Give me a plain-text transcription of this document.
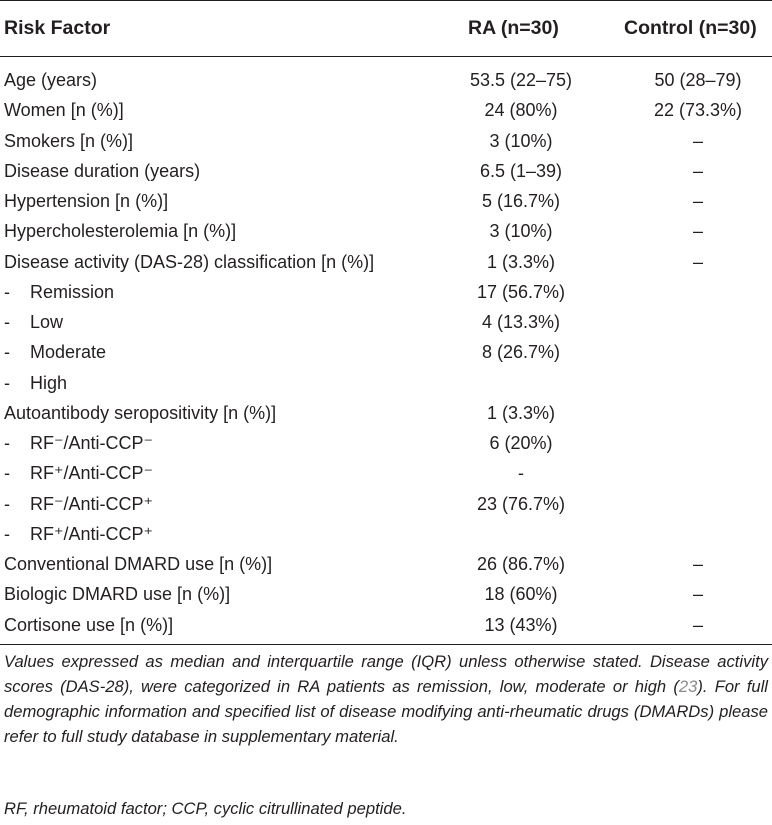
Risk Factor	RA (n=30)	Control (n=30)
Age (years)	53.5 (22–75)	50 (28–79)
Women [n (%)]	24 (80%)	22 (73.3%)
Smokers [n (%)]	3 (10%)	–
Disease duration (years)	6.5 (1–39)	–
Hypertension [n (%)]	5 (16.7%)	–
Hypercholesterolemia [n (%)]	3 (10%)	–
Disease activity (DAS-28) classification [n (%)]	1 (3.3%)	–
- Remission	17 (56.7%)
- Low	4 (13.3%)
- Moderate	8 (26.7%)
- High
Autoantibody seropositivity [n (%)]	1 (3.3%)
- RF⁻/Anti-CCP⁻	6 (20%)
- RF⁺/Anti-CCP⁻	-
- RF⁻/Anti-CCP⁺	23 (76.7%)
- RF⁺/Anti-CCP⁺
Conventional DMARD use [n (%)]	26 (86.7%)	–
Biologic DMARD use [n (%)]	18 (60%)	–
Cortisone use [n (%)]	13 (43%)	–

Values expressed as median and interquartile range (IQR) unless otherwise stated. Disease activity scores (DAS-28), were categorized in RA patients as remission, low, moderate or high (23). For full demographic information and specified list of disease modifying anti-rheumatic drugs (DMARDs) please refer to full study database in supplementary material.

RF, rheumatoid factor; CCP, cyclic citrullinated peptide.
